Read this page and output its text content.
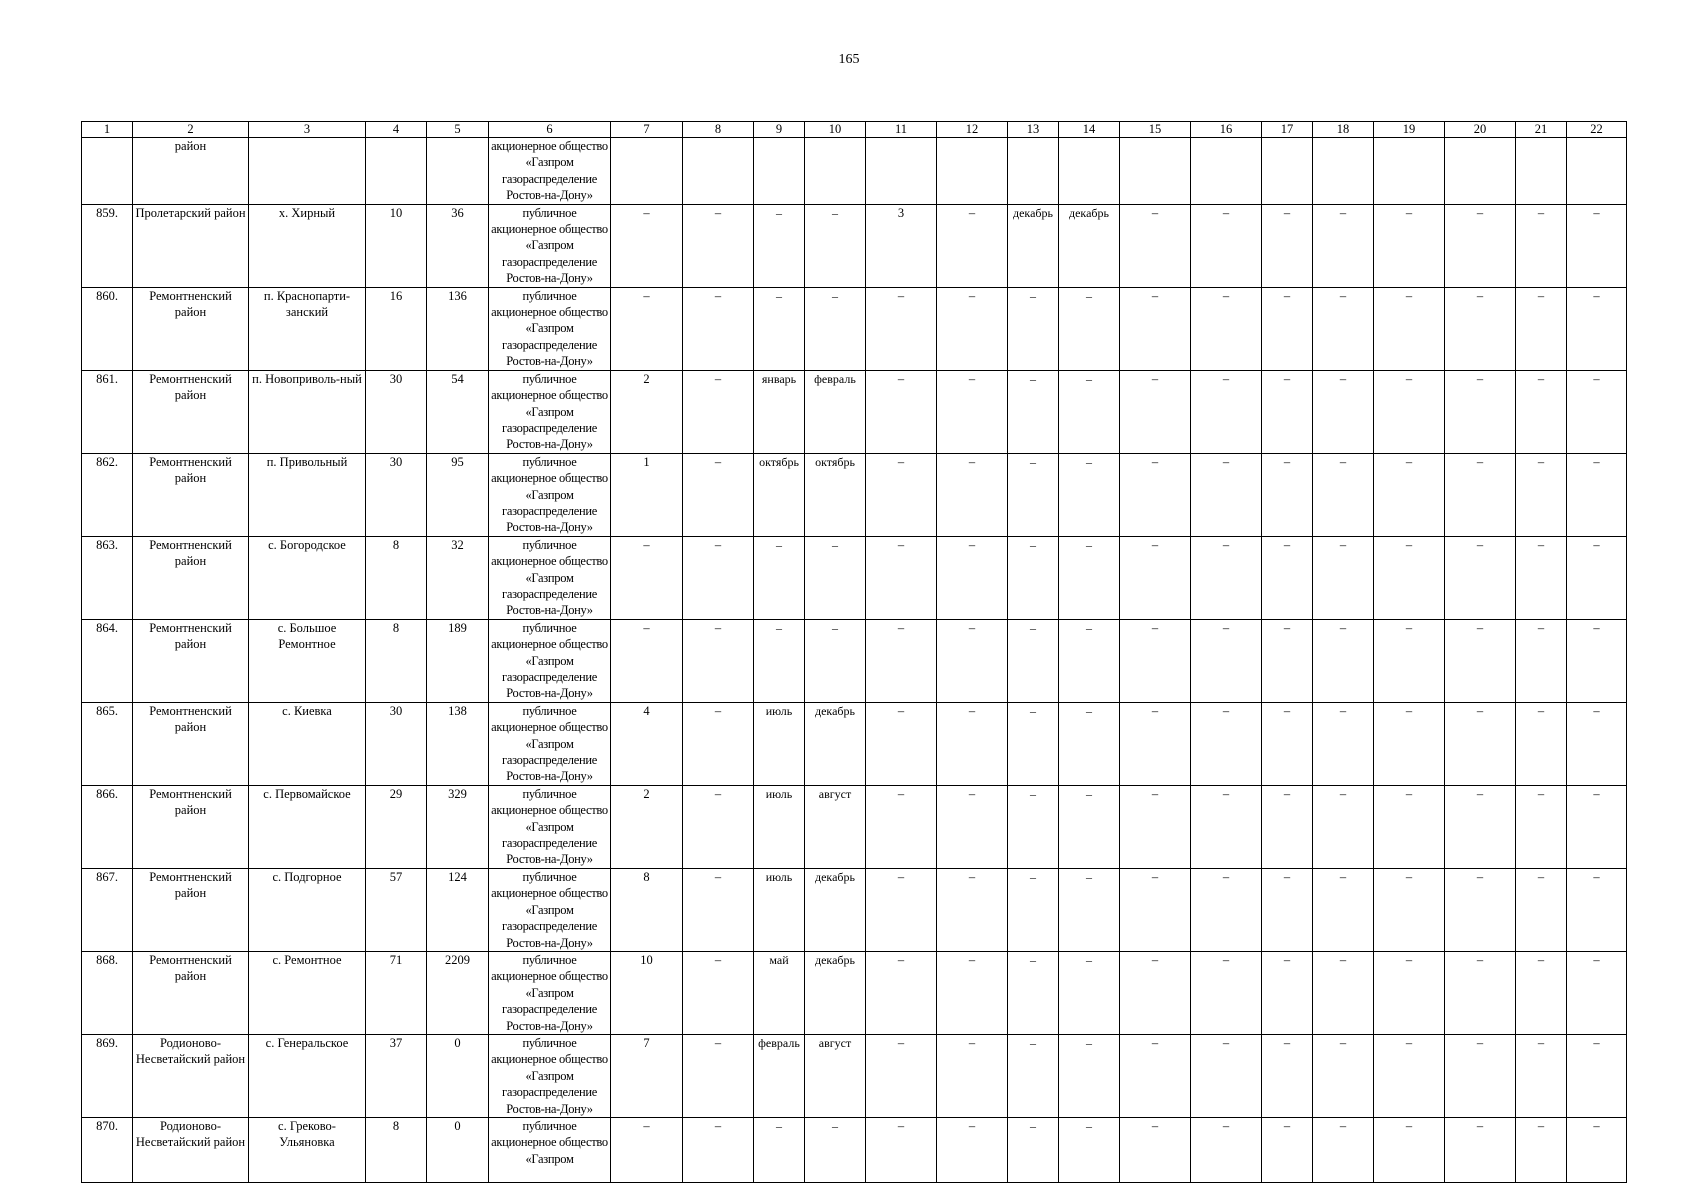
165
1	2	3	4	5	6	7	8	9	10	11	12	13	14	15	16	17	18	19	20	21	22
	район				акционерное общество «Газпром газораспределение Ростов-на-Дону»																
859.	Пролетарский район	х. Хирный	10	36	публичное акционерное общество «Газпром газораспределение Ростов-на-Дону»	–	–	–	–	3	–	декабрь	декабрь	–	–	–	–	–	–	–	–
860.	Ремонтненский район	п. Краснопарти-занский	16	136	публичное акционерное общество «Газпром газораспределение Ростов-на-Дону»	–	–	–	–	–	–	–	–	–	–	–	–	–	–	–	–
861.	Ремонтненский район	п. Новоприволь-ный	30	54	публичное акционерное общество «Газпром газораспределение Ростов-на-Дону»	2	–	январь	февраль	–	–	–	–	–	–	–	–	–	–	–	–
862.	Ремонтненский район	п. Привольный	30	95	публичное акционерное общество «Газпром газораспределение Ростов-на-Дону»	1	–	октябрь	октябрь	–	–	–	–	–	–	–	–	–	–	–	–
863.	Ремонтненский район	с. Богородское	8	32	публичное акционерное общество «Газпром газораспределение Ростов-на-Дону»	–	–	–	–	–	–	–	–	–	–	–	–	–	–	–	–
864.	Ремонтненский район	с. Большое Ремонтное	8	189	публичное акционерное общество «Газпром газораспределение Ростов-на-Дону»	–	–	–	–	–	–	–	–	–	–	–	–	–	–	–	–
865.	Ремонтненский район	с. Киевка	30	138	публичное акционерное общество «Газпром газораспределение Ростов-на-Дону»	4	–	июль	декабрь	–	–	–	–	–	–	–	–	–	–	–	–
866.	Ремонтненский район	с. Первомайское	29	329	публичное акционерное общество «Газпром газораспределение Ростов-на-Дону»	2	–	июль	август	–	–	–	–	–	–	–	–	–	–	–	–
867.	Ремонтненский район	с. Подгорное	57	124	публичное акционерное общество «Газпром газораспределение Ростов-на-Дону»	8	–	июль	декабрь	–	–	–	–	–	–	–	–	–	–	–	–
868.	Ремонтненский район	с. Ремонтное	71	2209	публичное акционерное общество «Газпром газораспределение Ростов-на-Дону»	10	–	май	декабрь	–	–	–	–	–	–	–	–	–	–	–	–
869.	Родионово-Несветайский район	с. Генеральское	37	0	публичное акционерное общество «Газпром газораспределение Ростов-на-Дону»	7	–	февраль	август	–	–	–	–	–	–	–	–	–	–	–	–
870.	Родионово-Несветайский район	с. Греково-Ульяновка	8	0	публичное акционерное общество «Газпром	–	–	–	–	–	–	–	–	–	–	–	–	–	–	–	–
